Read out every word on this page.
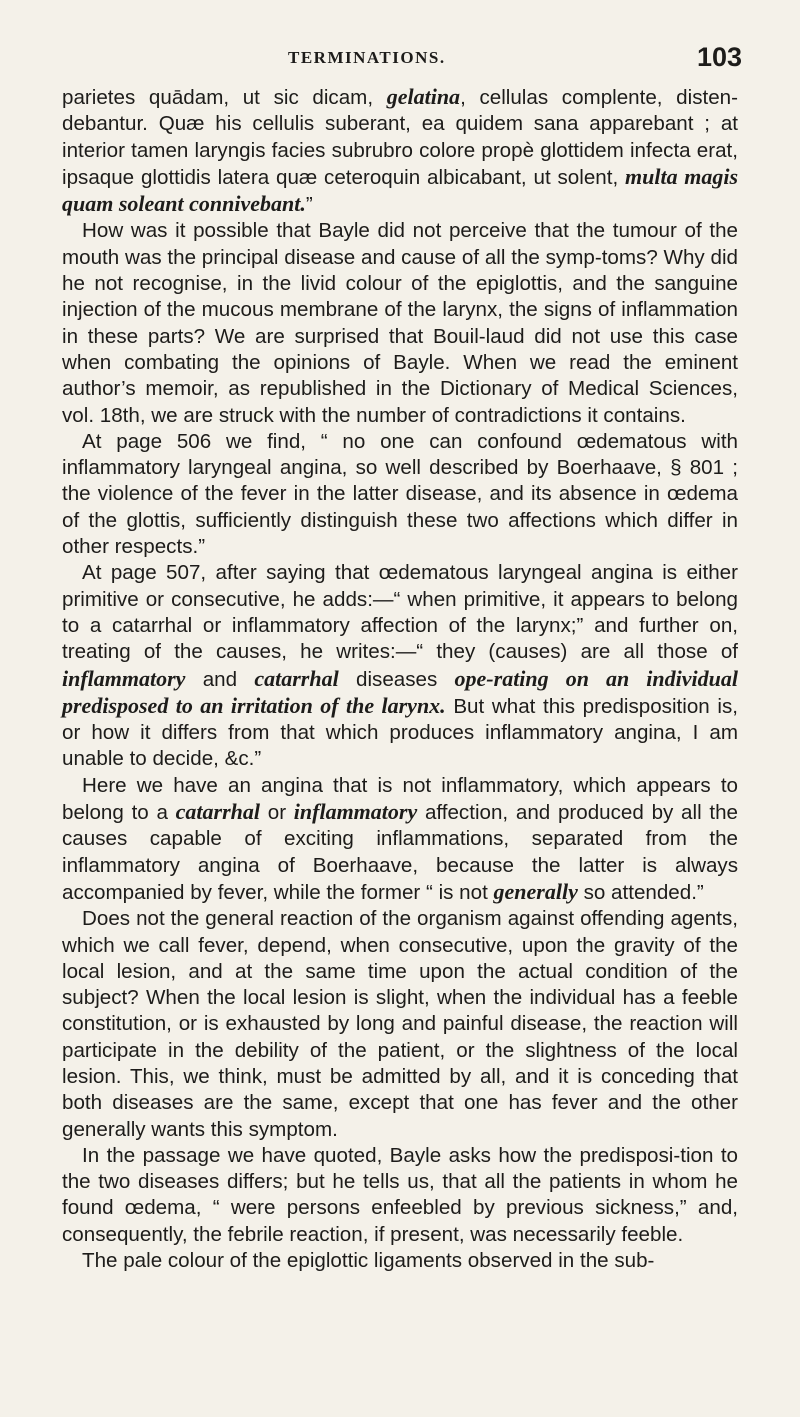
TERMINATIONS.	103

parietes quādam, ut sic dicam, gelatina, cellulas complente, disten-debantur. Quæ his cellulis suberant, ea quidem sana apparebant ; at interior tamen laryngis facies subrubro colore propè glottidem infecta erat, ipsaque glottidis latera quæ ceteroquin albicabant, ut solent, multa magis quam soleant connivebant.”

How was it possible that Bayle did not perceive that the tumour of the mouth was the principal disease and cause of all the symp-toms? Why did he not recognise, in the livid colour of the epiglottis, and the sanguine injection of the mucous membrane of the larynx, the signs of inflammation in these parts? We are surprised that Bouil-laud did not use this case when combating the opinions of Bayle. When we read the eminent author’s memoir, as republished in the Dictionary of Medical Sciences, vol. 18th, we are struck with the number of contradictions it contains.

At page 506 we find, “ no one can confound œdematous with inflammatory laryngeal angina, so well described by Boerhaave, § 801 ; the violence of the fever in the latter disease, and its absence in œdema of the glottis, sufficiently distinguish these two affections which differ in other respects.”

At page 507, after saying that œdematous laryngeal angina is either primitive or consecutive, he adds:—“ when primitive, it appears to belong to a catarrhal or inflammatory affection of the larynx;” and further on, treating of the causes, he writes:—“ they (causes) are all those of inflammatory and catarrhal diseases ope-rating on an individual predisposed to an irritation of the larynx. But what this predisposition is, or how it differs from that which produces inflammatory angina, I am unable to decide, &c.”

Here we have an angina that is not inflammatory, which appears to belong to a catarrhal or inflammatory affection, and produced by all the causes capable of exciting inflammations, separated from the inflammatory angina of Boerhaave, because the latter is always accompanied by fever, while the former “ is not generally so attended.”

Does not the general reaction of the organism against offending agents, which we call fever, depend, when consecutive, upon the gravity of the local lesion, and at the same time upon the actual condition of the subject? When the local lesion is slight, when the individual has a feeble constitution, or is exhausted by long and painful disease, the reaction will participate in the debility of the patient, or the slightness of the local lesion. This, we think, must be admitted by all, and it is conceding that both diseases are the same, except that one has fever and the other generally wants this symptom.

In the passage we have quoted, Bayle asks how the predisposi-tion to the two diseases differs; but he tells us, that all the patients in whom he found œdema, “ were persons enfeebled by previous sickness,” and, consequently, the febrile reaction, if present, was necessarily feeble.

The pale colour of the epiglottic ligaments observed in the sub-
